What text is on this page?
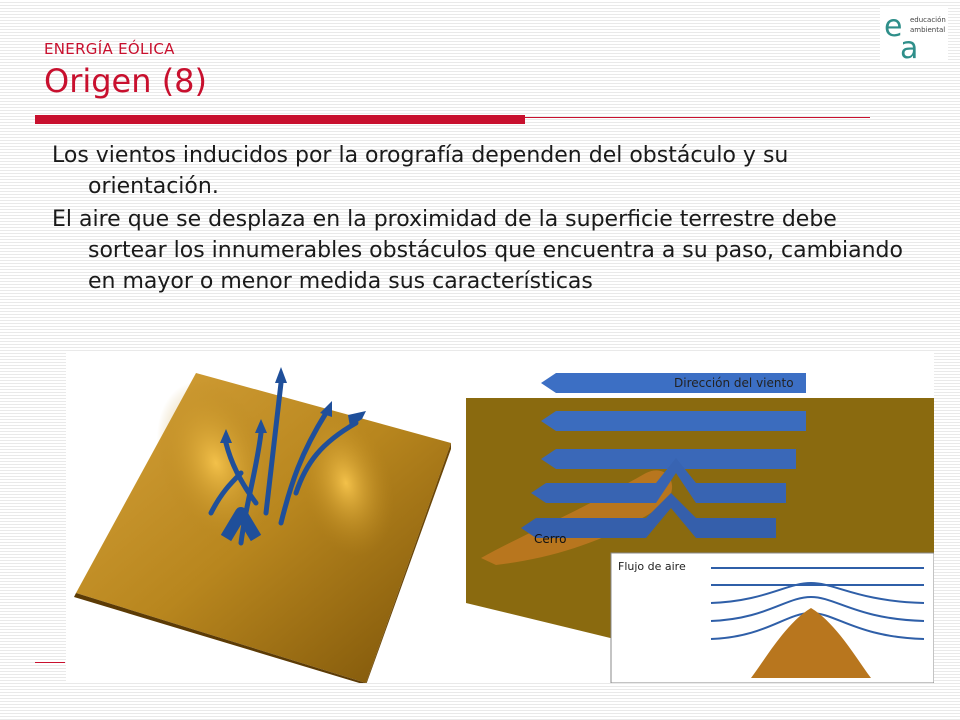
ENERGÍA EÓLICA
Origen (8)
e
a
educación
ambiental

Los vientos inducidos por la orografía dependen del obstáculo y su orientación.

El aire que se desplaza en la proximidad de la superficie terrestre debe sortear los innumerables obstáculos que encuentra a su paso, cambiando en mayor o menor medida sus características

Dirección del viento
Cerro
Flujo de aire
